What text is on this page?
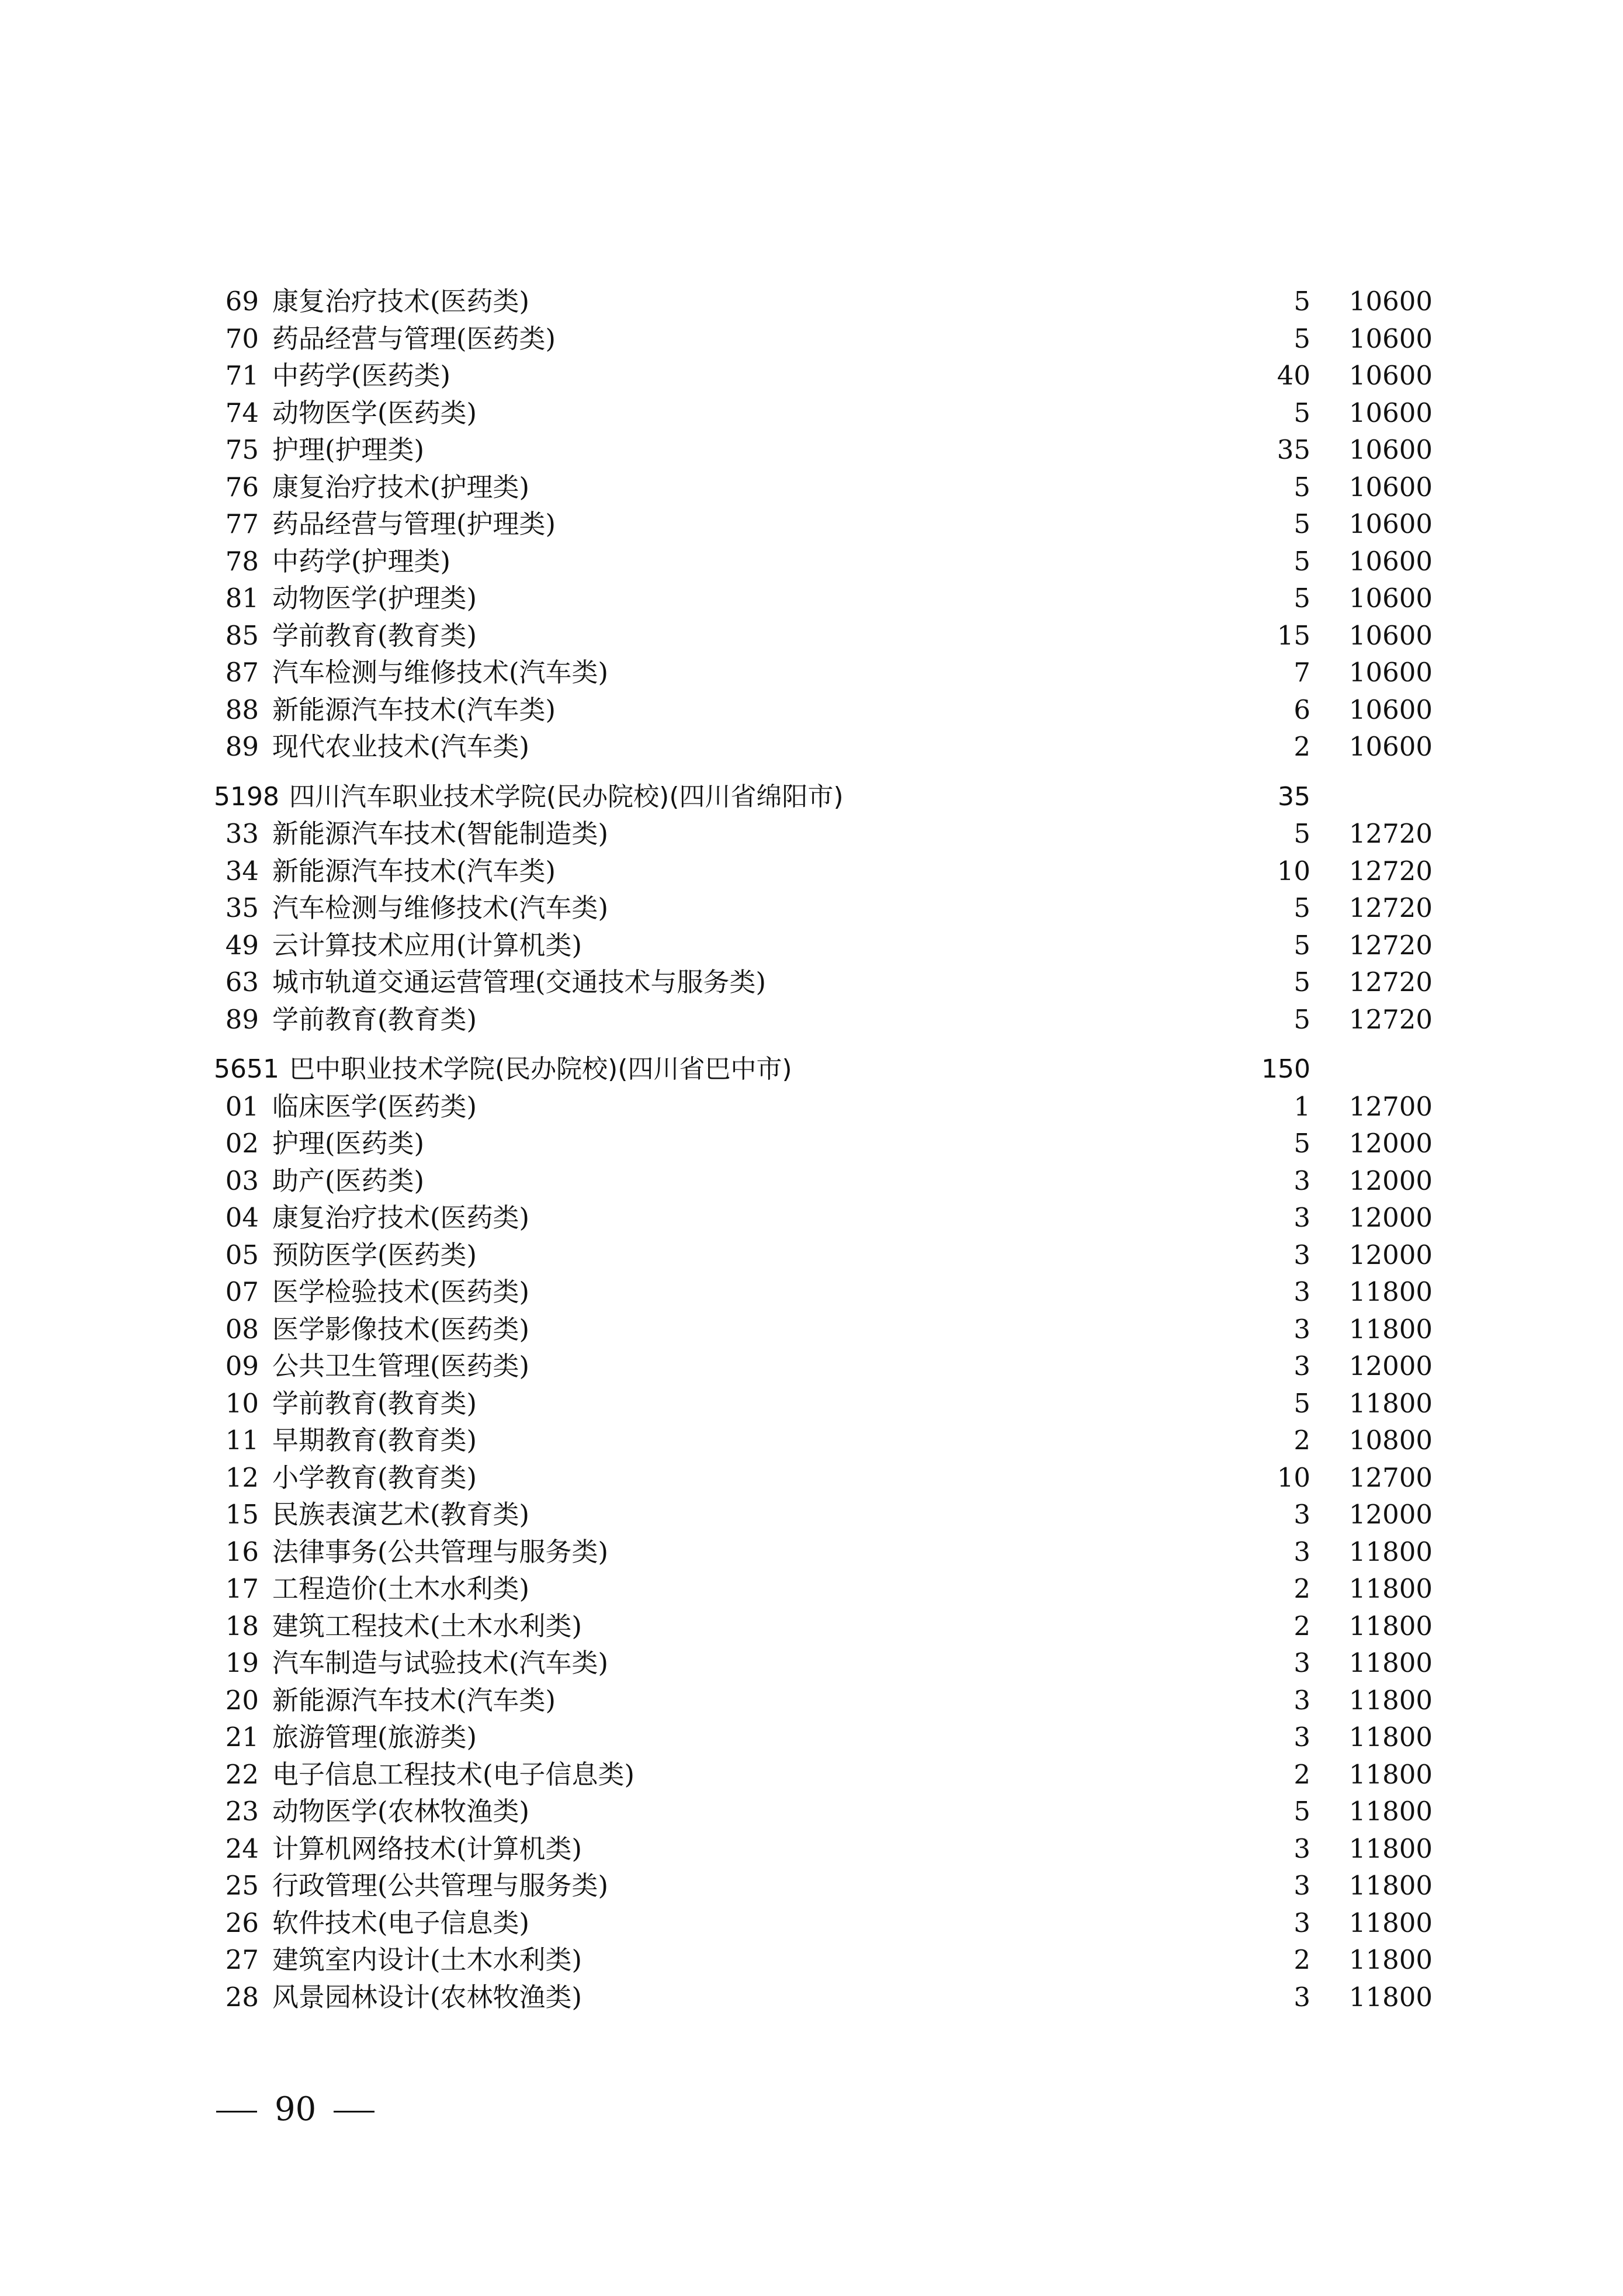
69 康复治疗技术(医药类)	5 10600
70 药品经营与管理(医药类)	5 10600
71 中药学(医药类)	40 10600
74 动物医学(医药类)	5 10600
75 护理(护理类)	35 10600
76 康复治疗技术(护理类)	5 10600
77 药品经营与管理(护理类)	5 10600
78 中药学(护理类)	5 10600
81 动物医学(护理类)	5 10600
85 学前教育(教育类)	15 10600
87 汽车检测与维修技术(汽车类)	7 10600
88 新能源汽车技术(汽车类)	6 10600
89 现代农业技术(汽车类)	2 10600
5198 四川汽车职业技术学院(民办院校)(四川省绵阳市)	35
33 新能源汽车技术(智能制造类)	5 12720
34 新能源汽车技术(汽车类)	10 12720
35 汽车检测与维修技术(汽车类)	5 12720
49 云计算技术应用(计算机类)	5 12720
63 城市轨道交通运营管理(交通技术与服务类)	5 12720
89 学前教育(教育类)	5 12720
5651 巴中职业技术学院(民办院校)(四川省巴中市)	150
01 临床医学(医药类)	1 12700
02 护理(医药类)	5 12000
03 助产(医药类)	3 12000
04 康复治疗技术(医药类)	3 12000
05 预防医学(医药类)	3 12000
07 医学检验技术(医药类)	3 11800
08 医学影像技术(医药类)	3 11800
09 公共卫生管理(医药类)	3 12000
10 学前教育(教育类)	5 11800
11 早期教育(教育类)	2 10800
12 小学教育(教育类)	10 12700
15 民族表演艺术(教育类)	3 12000
16 法律事务(公共管理与服务类)	3 11800
17 工程造价(土木水利类)	2 11800
18 建筑工程技术(土木水利类)	2 11800
19 汽车制造与试验技术(汽车类)	3 11800
20 新能源汽车技术(汽车类)	3 11800
21 旅游管理(旅游类)	3 11800
22 电子信息工程技术(电子信息类)	2 11800
23 动物医学(农林牧渔类)	5 11800
24 计算机网络技术(计算机类)	3 11800
25 行政管理(公共管理与服务类)	3 11800
26 软件技术(电子信息类)	3 11800
27 建筑室内设计(土木水利类)	2 11800
28 风景园林设计(农林牧渔类)	3 11800
90
